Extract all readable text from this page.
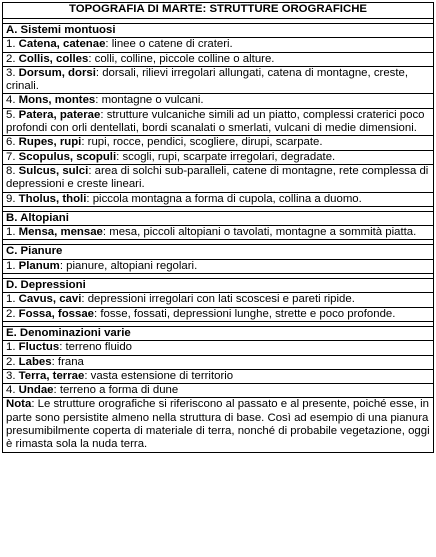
TOPOGRAFIA DI MARTE: STRUTTURE OROGRAFICHE

A. Sistemi montuosi
1. Catena, catenae: linee o catene di crateri.
2. Collis, colles: colli, colline, piccole colline o alture.
3. Dorsum, dorsi: dorsali, rilievi irregolari allungati, catena di montagne, creste, crinali.
4. Mons, montes: montagne o vulcani.
5. Patera, paterae: strutture vulcaniche simili ad un piatto, complessi craterici poco profondi con orli dentellati, bordi scanalati o smerlati, vulcani di medie dimensioni.
6. Rupes, rupi: rupi, rocce, pendici, scogliere, dirupi, scarpate.
7. Scopulus, scopuli: scogli, rupi, scarpate irregolari, degradate.
8. Sulcus, sulci: area di solchi sub-paralleli, catene di montagne, rete complessa di depressioni e creste lineari.
9. Tholus, tholi: piccola montagna a forma di cupola, collina a duomo.

B. Altopiani
1. Mensa, mensae: mesa, piccoli altopiani o tavolati, montagne a sommità piatta.

C. Pianure
1. Planum: pianure, altopiani regolari.

D. Depressioni
1. Cavus, cavi: depressioni irregolari con lati scoscesi e pareti ripide.
2. Fossa, fossae: fosse, fossati, depressioni lunghe, strette e poco profonde.

E. Denominazioni varie
1. Fluctus: terreno fluido
2. Labes: frana
3. Terra, terrae: vasta estensione di territorio
4. Undae: terreno a forma di dune
Nota: Le strutture orografiche si riferiscono al passato e al presente, poiché esse, in parte sono persistite almeno nella struttura di base. Così ad esempio di una pianura presumibilmente coperta di materiale di terra, nonché di probabile vegetazione, oggi è rimasta sola la nuda terra.
